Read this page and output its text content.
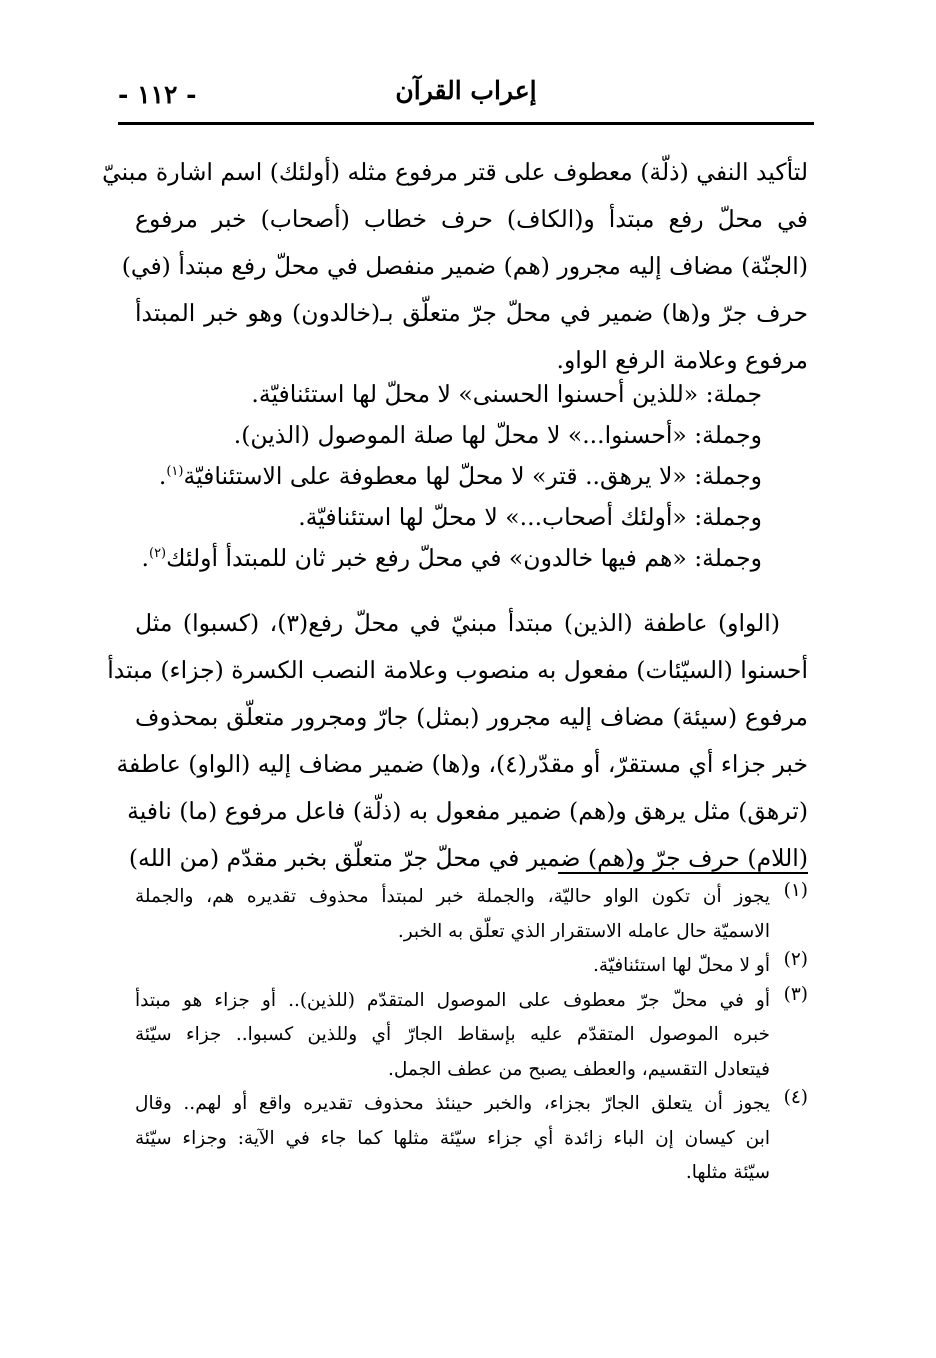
إعراب القرآن
- ١١٢ -
لتأكيد النفي (ذلّة) معطوف على قتر مرفوع مثله (أولئك) اسم اشارة مبنيّ
في محلّ رفع مبتدأ و(الكاف) حرف خطاب (أصحاب) خبر مرفوع
(الجنّة) مضاف إليه مجرور (هم) ضمير منفصل في محلّ رفع مبتدأ (في)
حرف جرّ و(ها) ضمير في محلّ جرّ متعلّق بـ(خالدون) وهو خبر المبتدأ
مرفوع وعلامة الرفع الواو.
جملة: «للذين أحسنوا الحسنى» لا محلّ لها استئنافيّة.
وجملة: «أحسنوا...» لا محلّ لها صلة الموصول (الذين).
وجملة: «لا يرهق.. قتر» لا محلّ لها معطوفة على الاستئنافيّة$^{(١)}$.
وجملة: «أولئك أصحاب...» لا محلّ لها استئنافيّة.
وجملة: «هم فيها خالدون» في محلّ رفع خبر ثان للمبتدأ أولئك$^{(٢)}$.
(الواو) عاطفة (الذين) مبتدأ مبنيّ في محلّ رفع(٣)، (كسبوا) مثل
أحسنوا (السيّئات) مفعول به منصوب وعلامة النصب الكسرة (جزاء) مبتدأ
مرفوع (سيئة) مضاف إليه مجرور (بمثل) جارّ ومجرور متعلّق بمحذوف
خبر جزاء أي مستقرّ، أو مقدّر(٤)، و(ها) ضمير مضاف إليه (الواو) عاطفة
(ترهق) مثل يرهق و(هم) ضمير مفعول به (ذلّة) فاعل مرفوع (ما) نافية
(اللام) حرف جرّ و(هم) ضمير في محلّ جرّ متعلّق بخبر مقدّم (من الله)
(١)
يجوز أن تكون الواو حاليّة، والجملة خبر لمبتدأ محذوف تقديره هم، والجملة
الاسميّة حال عامله الاستقرار الذي تعلّق به الخبر.
(٢)
أو لا محلّ لها استئنافيّة.
(٣)
أو في محلّ جرّ معطوف على الموصول المتقدّم (للذين).. أو جزاء هو مبتدأ
خبره الموصول المتقدّم عليه بإسقاط الجارّ أي وللذين كسبوا.. جزاء سيّئة
فيتعادل التقسيم، والعطف يصبح من عطف الجمل.
(٤)
يجوز أن يتعلق الجارّ بجزاء، والخبر حينئذ محذوف تقديره واقع أو لهم.. وقال
ابن كيسان إن الباء زائدة أي جزاء سيّئة مثلها كما جاء في الآية: وجزاء سيّئة
سيّئة مثلها.
